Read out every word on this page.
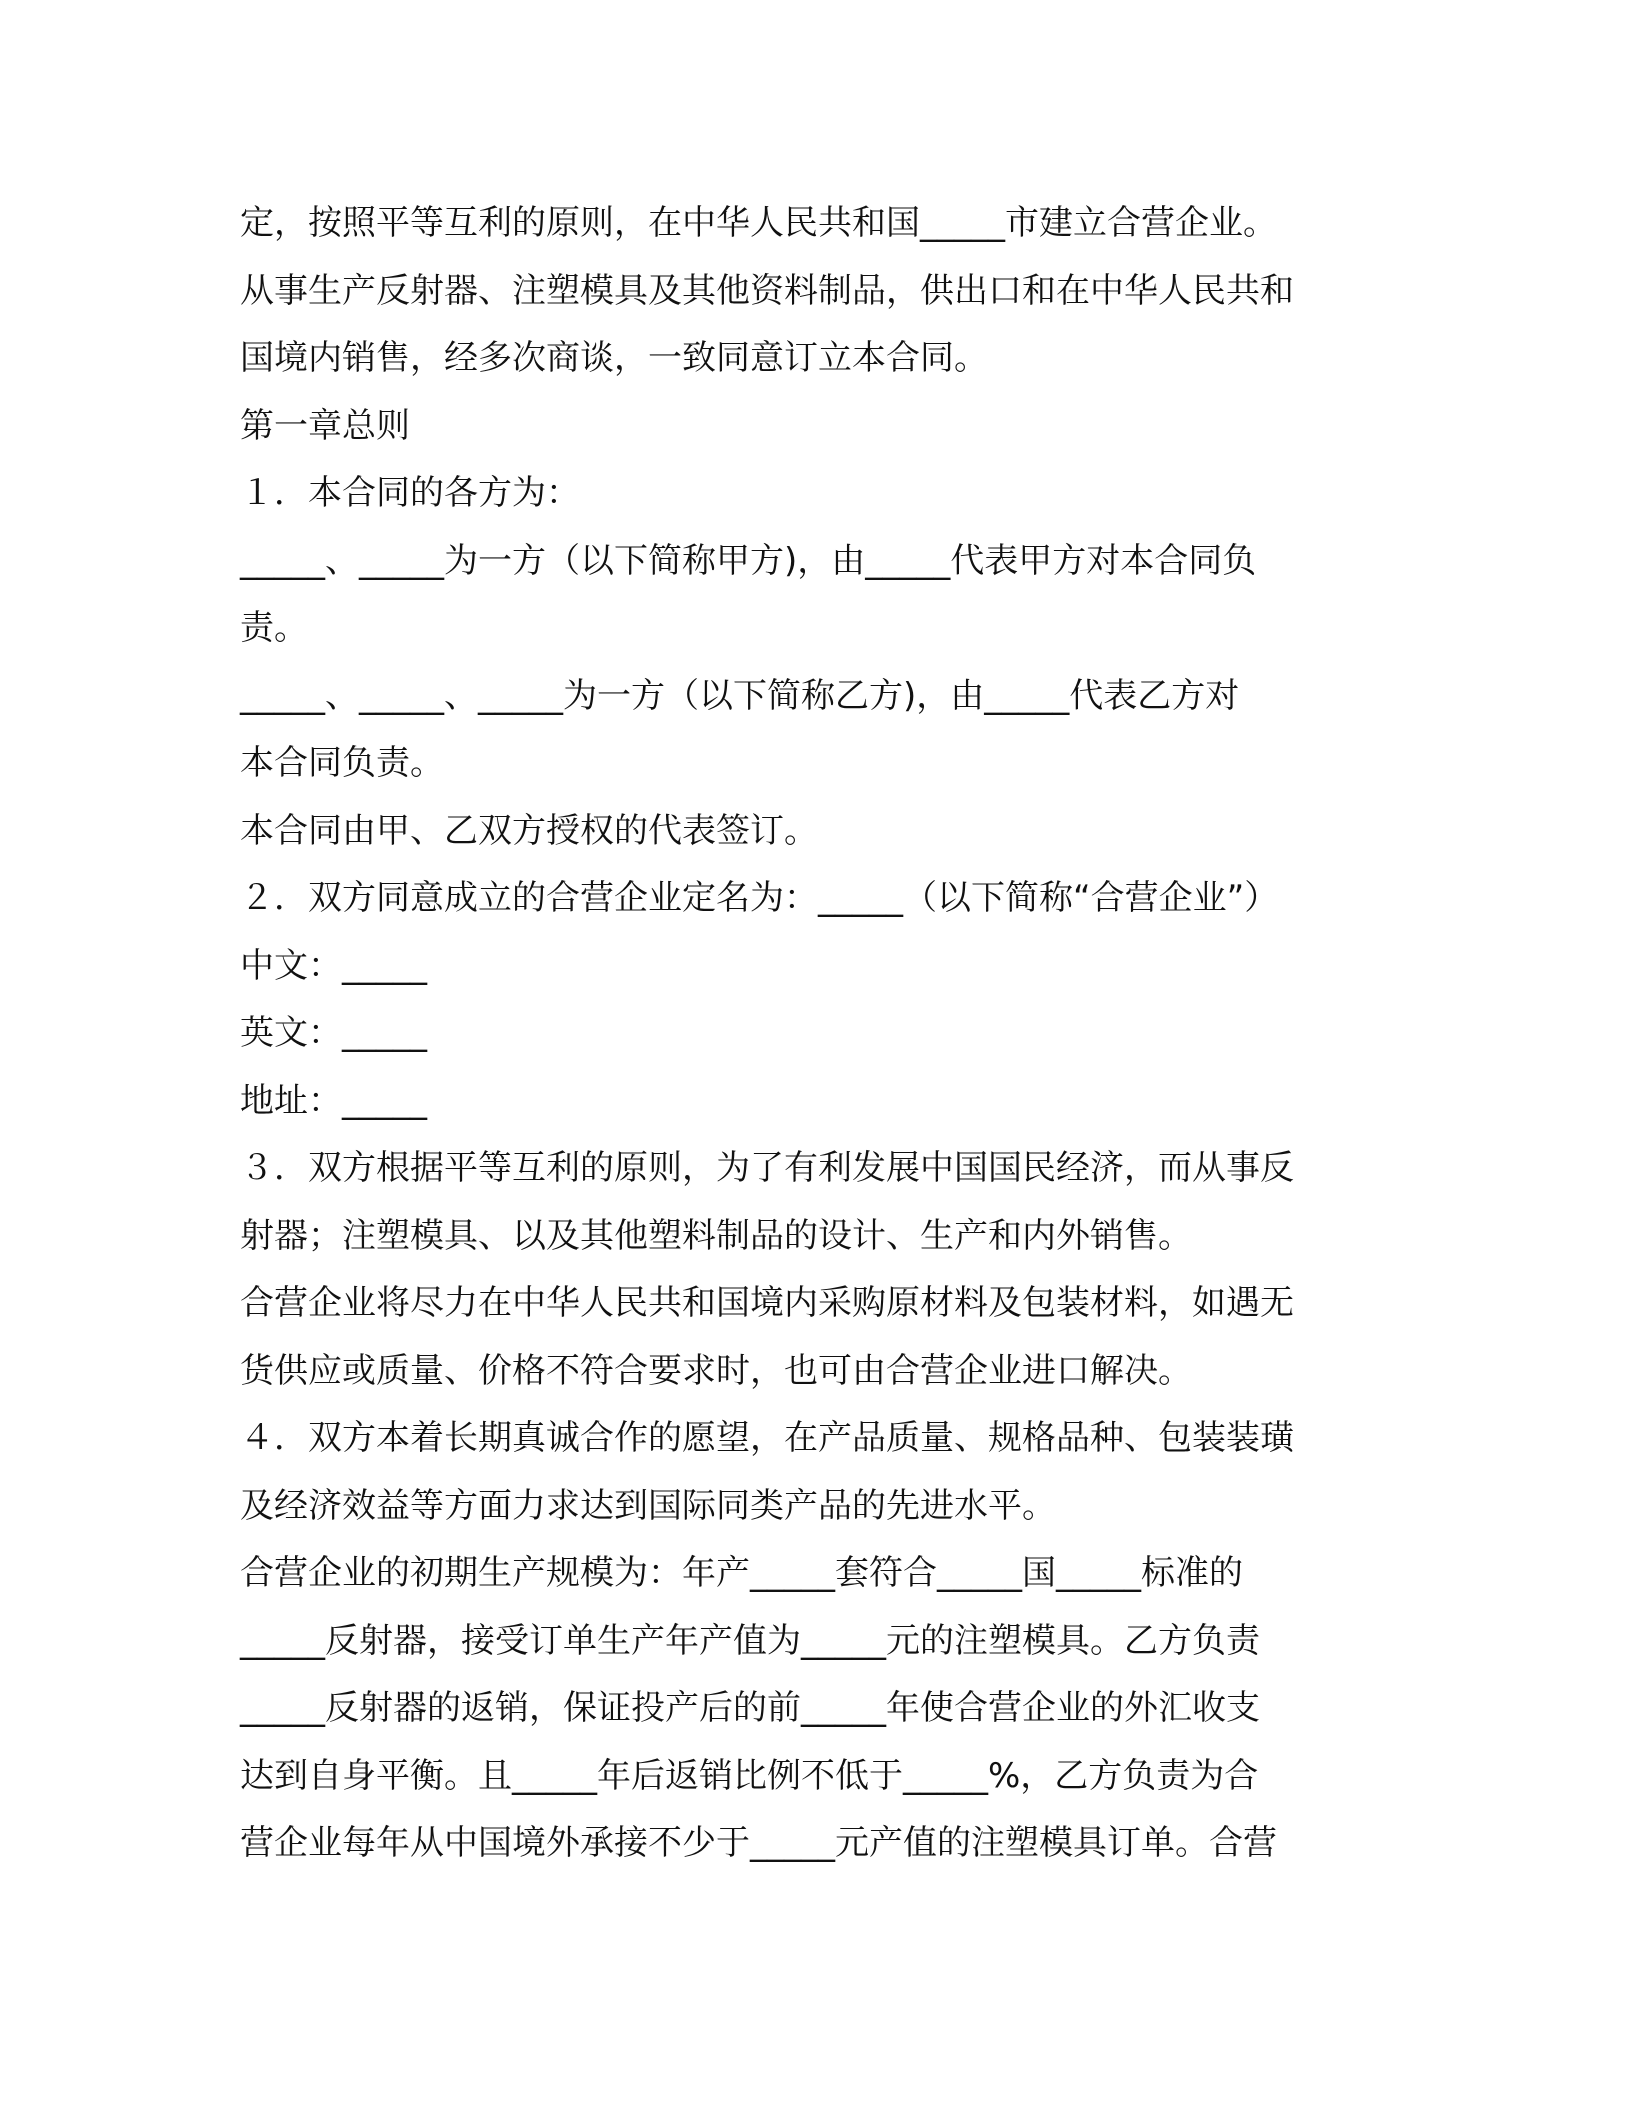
定，按照平等互利的原则，在中华人民共和国_____市建立合营企业。
从事生产反射器、注塑模具及其他资料制品，供出口和在中华人民共和
国境内销售，经多次商谈，一致同意订立本合同。
第一章总则
１．本合同的各方为：
_____、_____为一方（以下简称甲方)，由_____代表甲方对本合同负
责。
_____、_____、_____为一方（以下简称乙方)，由_____代表乙方对
本合同负责。
本合同由甲、乙双方授权的代表签订。
２．双方同意成立的合营企业定名为：_____（以下简称“合营企业”）
中文：_____
英文：_____
地址：_____
３．双方根据平等互利的原则，为了有利发展中国国民经济，而从事反
射器；注塑模具、以及其他塑料制品的设计、生产和内外销售。
合营企业将尽力在中华人民共和国境内采购原材料及包装材料，如遇无
货供应或质量、价格不符合要求时，也可由合营企业进口解决。
４．双方本着长期真诚合作的愿望，在产品质量、规格品种、包装装璜
及经济效益等方面力求达到国际同类产品的先进水平。
合营企业的初期生产规模为：年产_____套符合_____国_____标准的
_____反射器，接受订单生产年产值为_____元的注塑模具。乙方负责
_____反射器的返销，保证投产后的前_____年使合营企业的外汇收支
达到自身平衡。且_____年后返销比例不低于_____%，乙方负责为合
营企业每年从中国境外承接不少于_____元产值的注塑模具订单。合营
